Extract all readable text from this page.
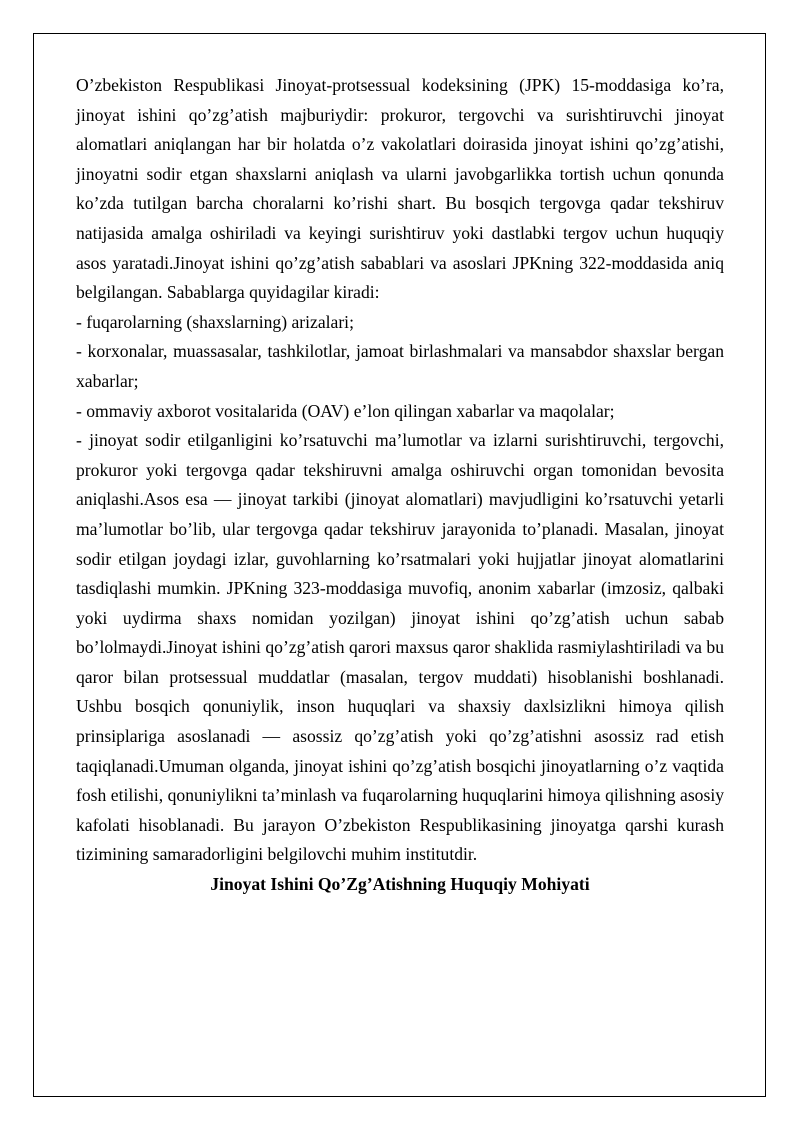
O’zbekiston Respublikasi Jinoyat-protsessual kodeksining (JPK) 15-moddasiga ko’ra, jinoyat ishini qo’zg’atish majburiydir: prokuror, tergovchi va surishtiruvchi jinoyat alomatlari aniqlangan har bir holatda o’z vakolatlari doirasida jinoyat ishini qo’zg’atishi, jinoyatni sodir etgan shaxslarni aniqlash va ularni javobgarlikka tortish uchun qonunda ko’zda tutilgan barcha choralarni ko’rishi shart. Bu bosqich tergovga qadar tekshiruv natijasida amalga oshiriladi va keyingi surishtiruv yoki dastlabki tergov uchun huquqiy asos yaratadi.Jinoyat ishini qo’zg’atish sabablari va asoslari JPKning 322-moddasida aniq belgilangan. Sabablarga quyidagilar kiradi:

- fuqarolarning (shaxslarning) arizalari;

- korxonalar, muassasalar, tashkilotlar, jamoat birlashmalari va mansabdor shaxslar bergan xabarlar;

- ommaviy axborot vositalarida (OAV) e’lon qilingan xabarlar va maqolalar;

- jinoyat sodir etilganligini ko’rsatuvchi ma’lumotlar va izlarni surishtiruvchi, tergovchi, prokuror yoki tergovga qadar tekshiruvni amalga oshiruvchi organ tomonidan bevosita aniqlashi.Asos esa — jinoyat tarkibi (jinoyat alomatlari) mavjudligini ko’rsatuvchi yetarli ma’lumotlar bo’lib, ular tergovga qadar tekshiruv jarayonida to’planadi. Masalan, jinoyat sodir etilgan joydagi izlar, guvohlarning ko’rsatmalari yoki hujjatlar jinoyat alomatlarini tasdiqlashi mumkin. JPKning 323-moddasiga muvofiq, anonim xabarlar (imzosiz, qalbaki yoki uydirma shaxs nomidan yozilgan) jinoyat ishini qo’zg’atish uchun sabab bo’lolmaydi.Jinoyat ishini qo’zg’atish qarori maxsus qaror shaklida rasmiylashtiriladi va bu qaror bilan protsessual muddatlar (masalan, tergov muddati) hisoblanishi boshlanadi. Ushbu bosqich qonuniylik, inson huquqlari va shaxsiy daxlsizlikni himoya qilish prinsiplariga asoslanadi — asossiz qo’zg’atish yoki qo’zg’atishni asossiz rad etish taqiqlanadi.Umuman olganda, jinoyat ishini qo’zg’atish bosqichi jinoyatlarning o’z vaqtida fosh etilishi, qonuniylikni ta’minlash va fuqarolarning huquqlarini himoya qilishning asosiy kafolati hisoblanadi. Bu jarayon O’zbekiston Respublikasining jinoyatga qarshi kurash tizimining samaradorligini belgilovchi muhim institutdir.

Jinoyat Ishini Qo’Zg’Atishning Huquqiy Mohiyati
